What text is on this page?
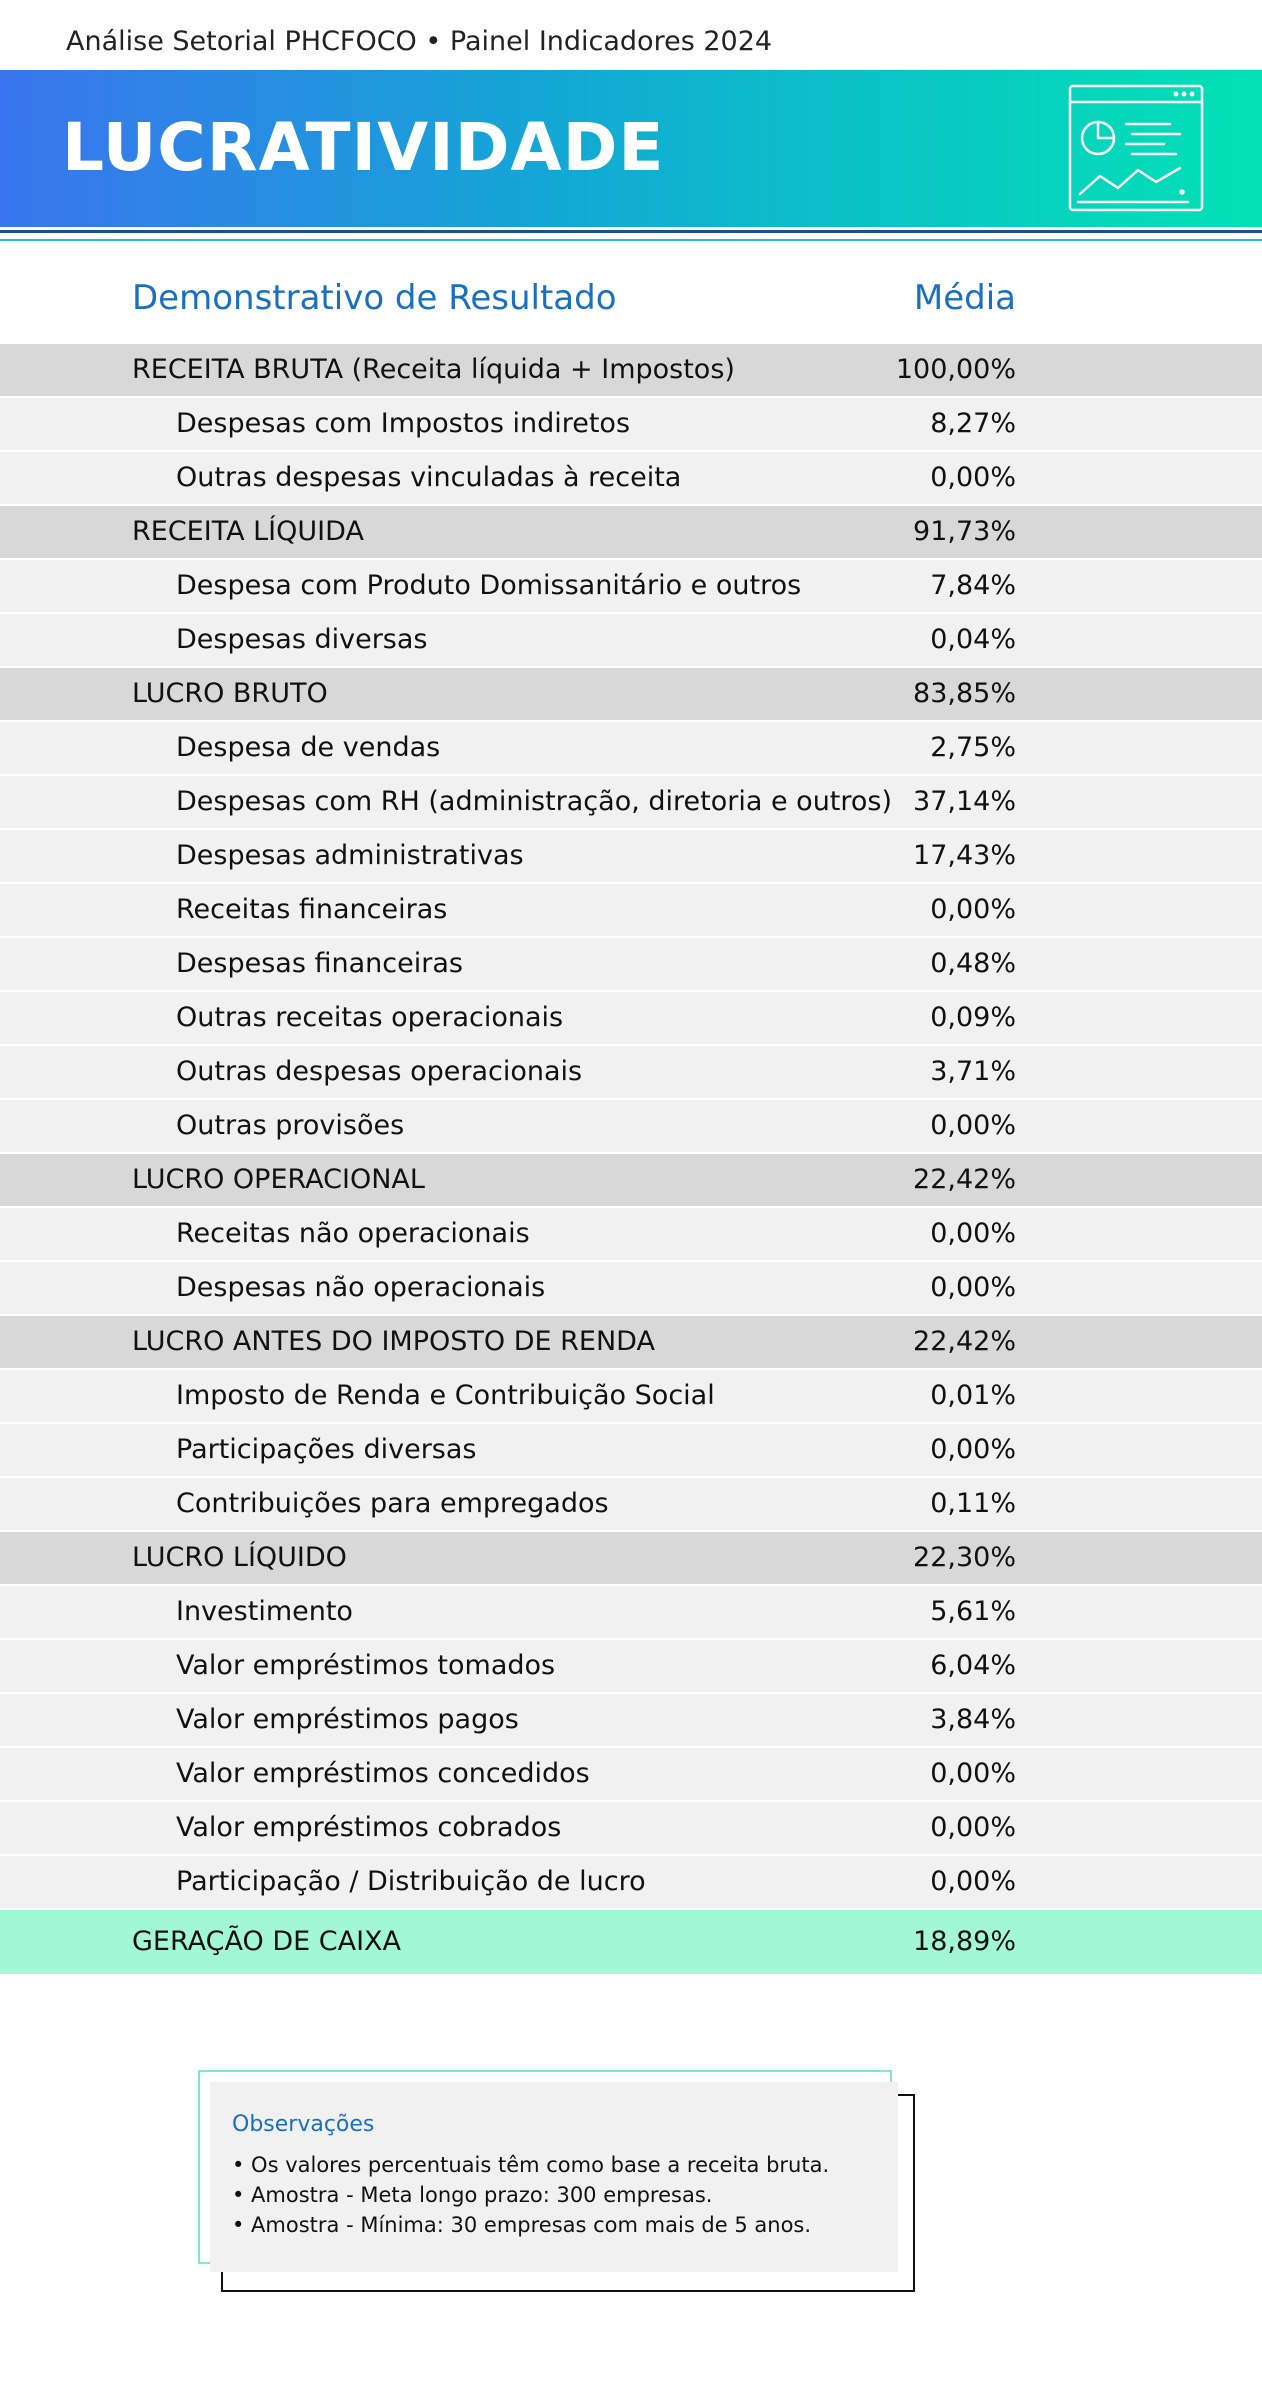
Análise Setorial PHCFOCO • Painel Indicadores 2024
LUCRATIVIDADE
Demonstrativo de Resultado	Média
RECEITA BRUTA (Receita líquida + Impostos)	100,00%
Despesas com Impostos indiretos	8,27%
Outras despesas vinculadas à receita	0,00%
RECEITA LÍQUIDA	91,73%
Despesa com Produto Domissanitário e outros	7,84%
Despesas diversas	0,04%
LUCRO BRUTO	83,85%
Despesa de vendas	2,75%
Despesas com RH (administração, diretoria e outros) 37,14%
Despesas administrativas	17,43%
Receitas financeiras	0,00%
Despesas financeiras	0,48%
Outras receitas operacionais	0,09%
Outras despesas operacionais	3,71%
Outras provisões	0,00%
LUCRO OPERACIONAL	22,42%
Receitas não operacionais	0,00%
Despesas não operacionais	0,00%
LUCRO ANTES DO IMPOSTO DE RENDA	22,42%
Imposto de Renda e Contribuição Social	0,01%
Participações diversas	0,00%
Contribuições para empregados	0,11%
LUCRO LÍQUIDO	22,30%
Investimento	5,61%
Valor empréstimos tomados	6,04%
Valor empréstimos pagos	3,84%
Valor empréstimos concedidos	0,00%
Valor empréstimos cobrados	0,00%
Participação / Distribuição de lucro	0,00%
GERAÇÃO DE CAIXA	18,89%
Observações
• Os valores percentuais têm como base a receita bruta.
• Amostra - Meta longo prazo: 300 empresas.
• Amostra - Mínima: 30 empresas com mais de 5 anos.
